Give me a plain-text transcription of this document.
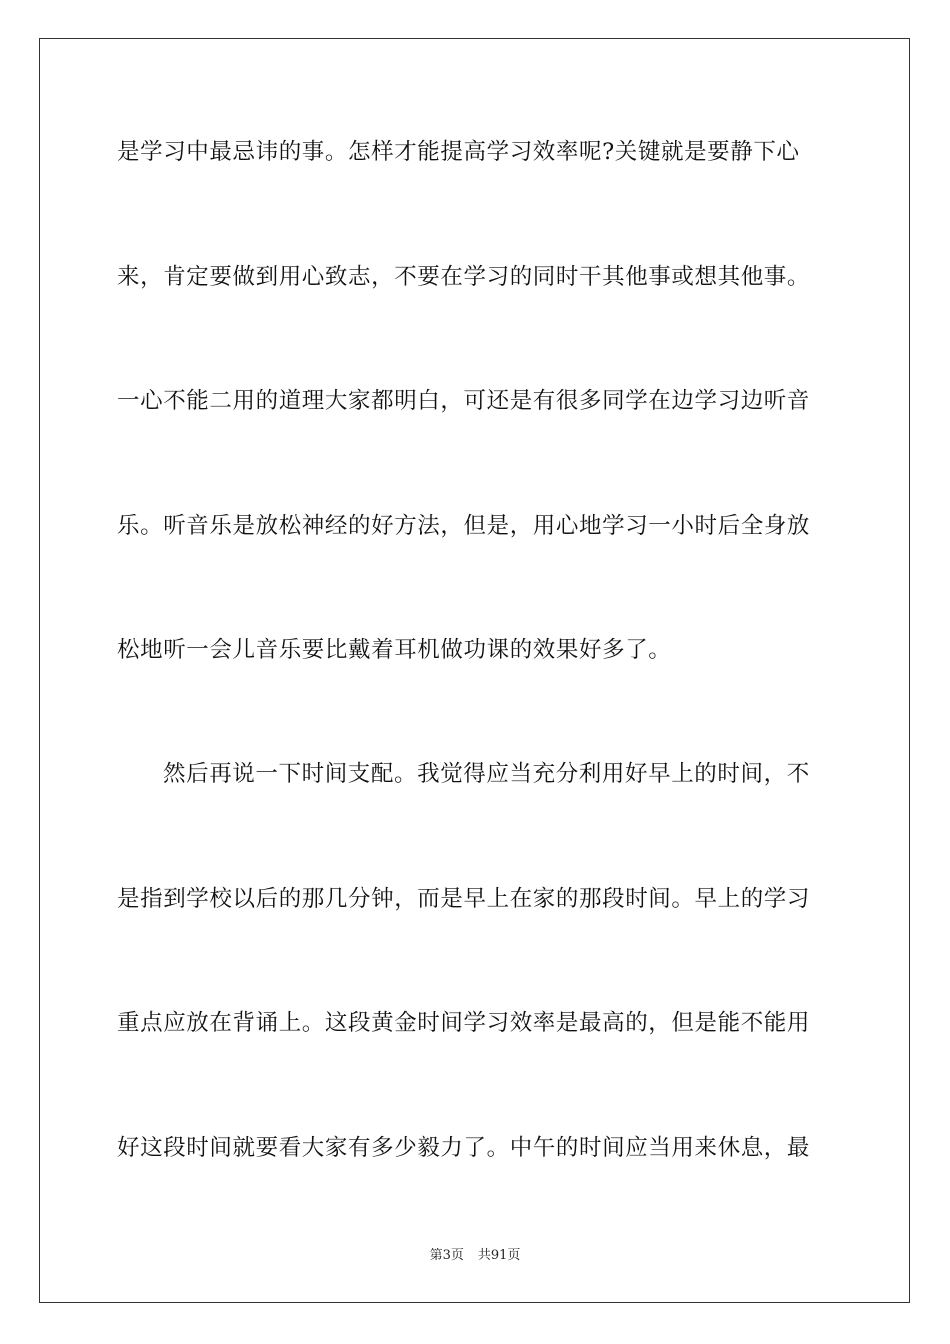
是学习中最忌讳的事。怎样才能提高学习效率呢?关键就是要静下心
来，肯定要做到用心致志，不要在学习的同时干其他事或想其他事。
一心不能二用的道理大家都明白，可还是有很多同学在边学习边听音
乐。听音乐是放松神经的好方法，但是，用心地学习一小时后全身放
松地听一会儿音乐要比戴着耳机做功课的效果好多了。
然后再说一下时间支配。我觉得应当充分利用好早上的时间，不
是指到学校以后的那几分钟，而是早上在家的那段时间。早上的学习
重点应放在背诵上。这段黄金时间学习效率是最高的，但是能不能用
好这段时间就要看大家有多少毅力了。中午的时间应当用来休息，最
第3页 共91页
